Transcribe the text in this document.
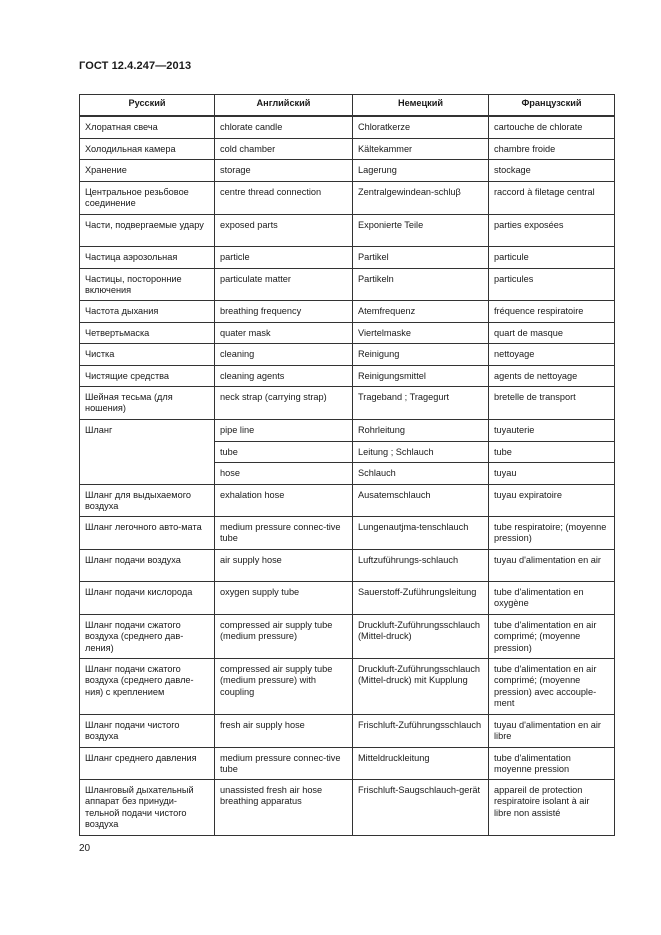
ГОСТ 12.4.247—2013
Русский	Английский	Немецкий	Французский
Хлоратная свеча	chlorate candle	Chloratkerze	cartouche de chlorate
Холодильная камера	cold chamber	Kältekammer	chambre froide
Хранение	storage	Lagerung	stockage
Центральное резьбовое соединение	centre thread connection	Zentralgewindean-schluβ	raccord à filetage central
Части, подвергаемые удару	exposed parts	Exponierte Teile	parties exposées
Частица аэрозольная	particle	Partikel	particule
Частицы, посторонние включения	particulate matter	Partikeln	particules
Частота дыхания	breathing frequency	Atemfrequenz	fréquence respiratoire
Четвертьмаска	quater mask	Viertelmaske	quart de masque
Чистка	cleaning	Reinigung	nettoyage
Чистящие средства	cleaning agents	Reinigungsmittel	agents de nettoyage
Шейная тесьма (для ношения)	neck strap (carrying strap)	Trageband ; Tragegurt	bretelle de transport
Шланг	pipe line	Rohrleitung	tuyauterie
	tube	Leitung ; Schlauch	tube
	hose	Schlauch	tuyau
Шланг для выдыхаемого воздуха	exhalation hose	Ausatemschlauch	tuyau expiratoire
Шланг легочного авто-мата	medium pressure connec-tive tube	Lungenautjma-tenschlauch	tube respiratoire; (moyenne pression)
Шланг подачи воздуха	air supply hose	Luftzuführungs-schlauch	tuyau d'alimentation en air
Шланг подачи кислорода	oxygen supply tube	Sauerstoff-Zuführungsleitung	tube d'alimentation en oxygène
Шланг подачи сжатого воздуха (среднего дав-ления)	compressed air supply tube (medium pressure)	Druckluft-Zuführungsschlauch (Mittel-druck)	tube d'alimentation en air comprimé; (moyenne pression)
Шланг подачи сжатого воздуха (среднего давле-ния) с креплением	compressed air supply tube (medium pressure) with coupling	Druckluft-Zuführungsschlauch (Mittel-druck) mit Kupplung	tube d'alimentation en air comprimé; (moyenne pression) avec accouple-ment
Шланг подачи чистого воздуха	fresh air supply hose	Frischluft-Zuführungsschlauch	tuyau d'alimentation en air libre
Шланг среднего давления	medium pressure connec-tive tube	Mitteldruckleitung	tube d'alimentation moyenne pression
Шланговый дыхательный аппарат без принуди-тельной подачи чистого воздуха	unassisted fresh air hose breathing apparatus	Frischluft-Saugschlauch-gerät	appareil de protection respiratoire isolant à air libre non assisté
20
